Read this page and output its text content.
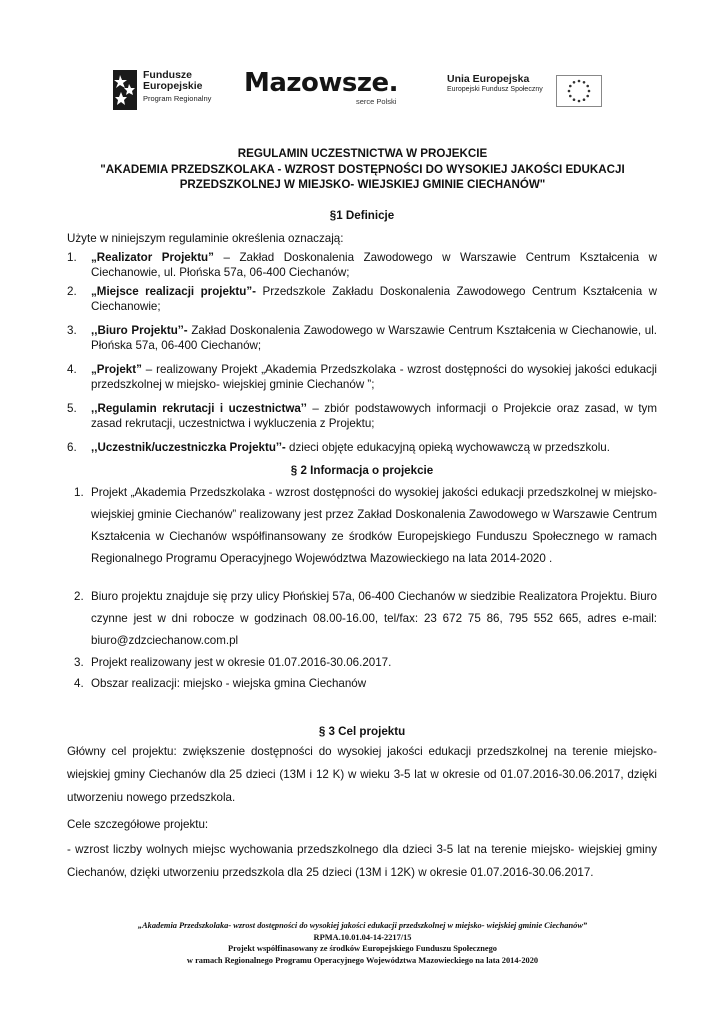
Fundusze
Europejskie
Program Regionalny
Mazowsze.
serce Polski
Unia Europejska
Europejski Fundusz Społeczny
REGULAMIN UCZESTNICTWA W PROJEKCIE
"AKADEMIA PRZEDSZKOLAKA - WZROST DOSTĘPNOŚCI DO WYSOKIEJ JAKOŚCI EDUKACJI
PRZEDSZKOLNEJ W MIEJSKO- WIEJSKIEJ GMINIE CIECHANÓW"
§1 Definicje
Użyte w niniejszym regulaminie określenia oznaczają:
1.	„Realizator Projektu” – Zakład Doskonalenia Zawodowego w Warszawie Centrum Kształcenia w Ciechanowie, ul. Płońska 57a, 06-400 Ciechanów;
2.	„Miejsce realizacji projektu”- Przedszkole Zakładu Doskonalenia Zawodowego Centrum Kształcenia w Ciechanowie;
3.	,,Biuro Projektu’’- Zakład Doskonalenia Zawodowego w Warszawie Centrum Kształcenia w Ciechanowie, ul. Płońska 57a, 06-400 Ciechanów;
4.	„Projekt” – realizowany Projekt „Akademia Przedszkolaka - wzrost dostępności do wysokiej jakości edukacji przedszkolnej w miejsko- wiejskiej gminie Ciechanów ”;
5.	,,Regulamin rekrutacji i uczestnictwa’’ – zbiór podstawowych informacji o Projekcie oraz zasad, w tym zasad rekrutacji, uczestnictwa i wykluczenia z Projektu;
6.	,,Uczestnik/uczestniczka Projektu’’- dzieci objęte edukacyjną opieką wychowawczą w przedszkolu.
§ 2 Informacja o projekcie
1. Projekt „Akademia Przedszkolaka - wzrost dostępności do wysokiej jakości edukacji przedszkolnej w miejsko- wiejskiej gminie Ciechanów” realizowany jest przez Zakład Doskonalenia Zawodowego w Warszawie Centrum Kształcenia w Ciechanów współfinansowany ze środków Europejskiego Funduszu Społecznego w ramach Regionalnego Programu Operacyjnego Województwa Mazowieckiego na lata 2014-2020 .
2. Biuro projektu znajduje się przy ulicy Płońskiej 57a, 06-400 Ciechanów w siedzibie Realizatora Projektu. Biuro czynne jest w dni robocze w godzinach 08.00-16.00, tel/fax: 23 672 75 86, 795 552 665, adres e-mail: biuro@zdzciechanow.com.pl
3. Projekt realizowany jest w okresie 01.07.2016-30.06.2017.
4. Obszar realizacji: miejsko - wiejska gmina Ciechanów
§ 3 Cel projektu
Główny cel projektu: zwiększenie dostępności do wysokiej jakości edukacji przedszkolnej na terenie miejsko-wiejskiej gminy Ciechanów dla 25 dzieci (13M i 12 K) w wieku 3-5 lat w okresie od 01.07.2016-30.06.2017, dzięki utworzeniu nowego przedszkola.
Cele szczegółowe projektu:
- wzrost liczby wolnych miejsc wychowania przedszkolnego dla dzieci 3-5 lat na terenie miejsko- wiejskiej gminy Ciechanów, dzięki utworzeniu przedszkola dla 25 dzieci (13M i 12K) w okresie 01.07.2016-30.06.2017.
„Akademia Przedszkolaka- wzrost dostępności do wysokiej jakości edukacji przedszkolnej w miejsko- wiejskiej gminie Ciechanów”
RPMA.10.01.04-14-2217/15
Projekt współfinasowany ze środków Europejskiego Funduszu Społecznego
w ramach Regionalnego Programu Operacyjnego Województwa Mazowieckiego na lata 2014-2020
